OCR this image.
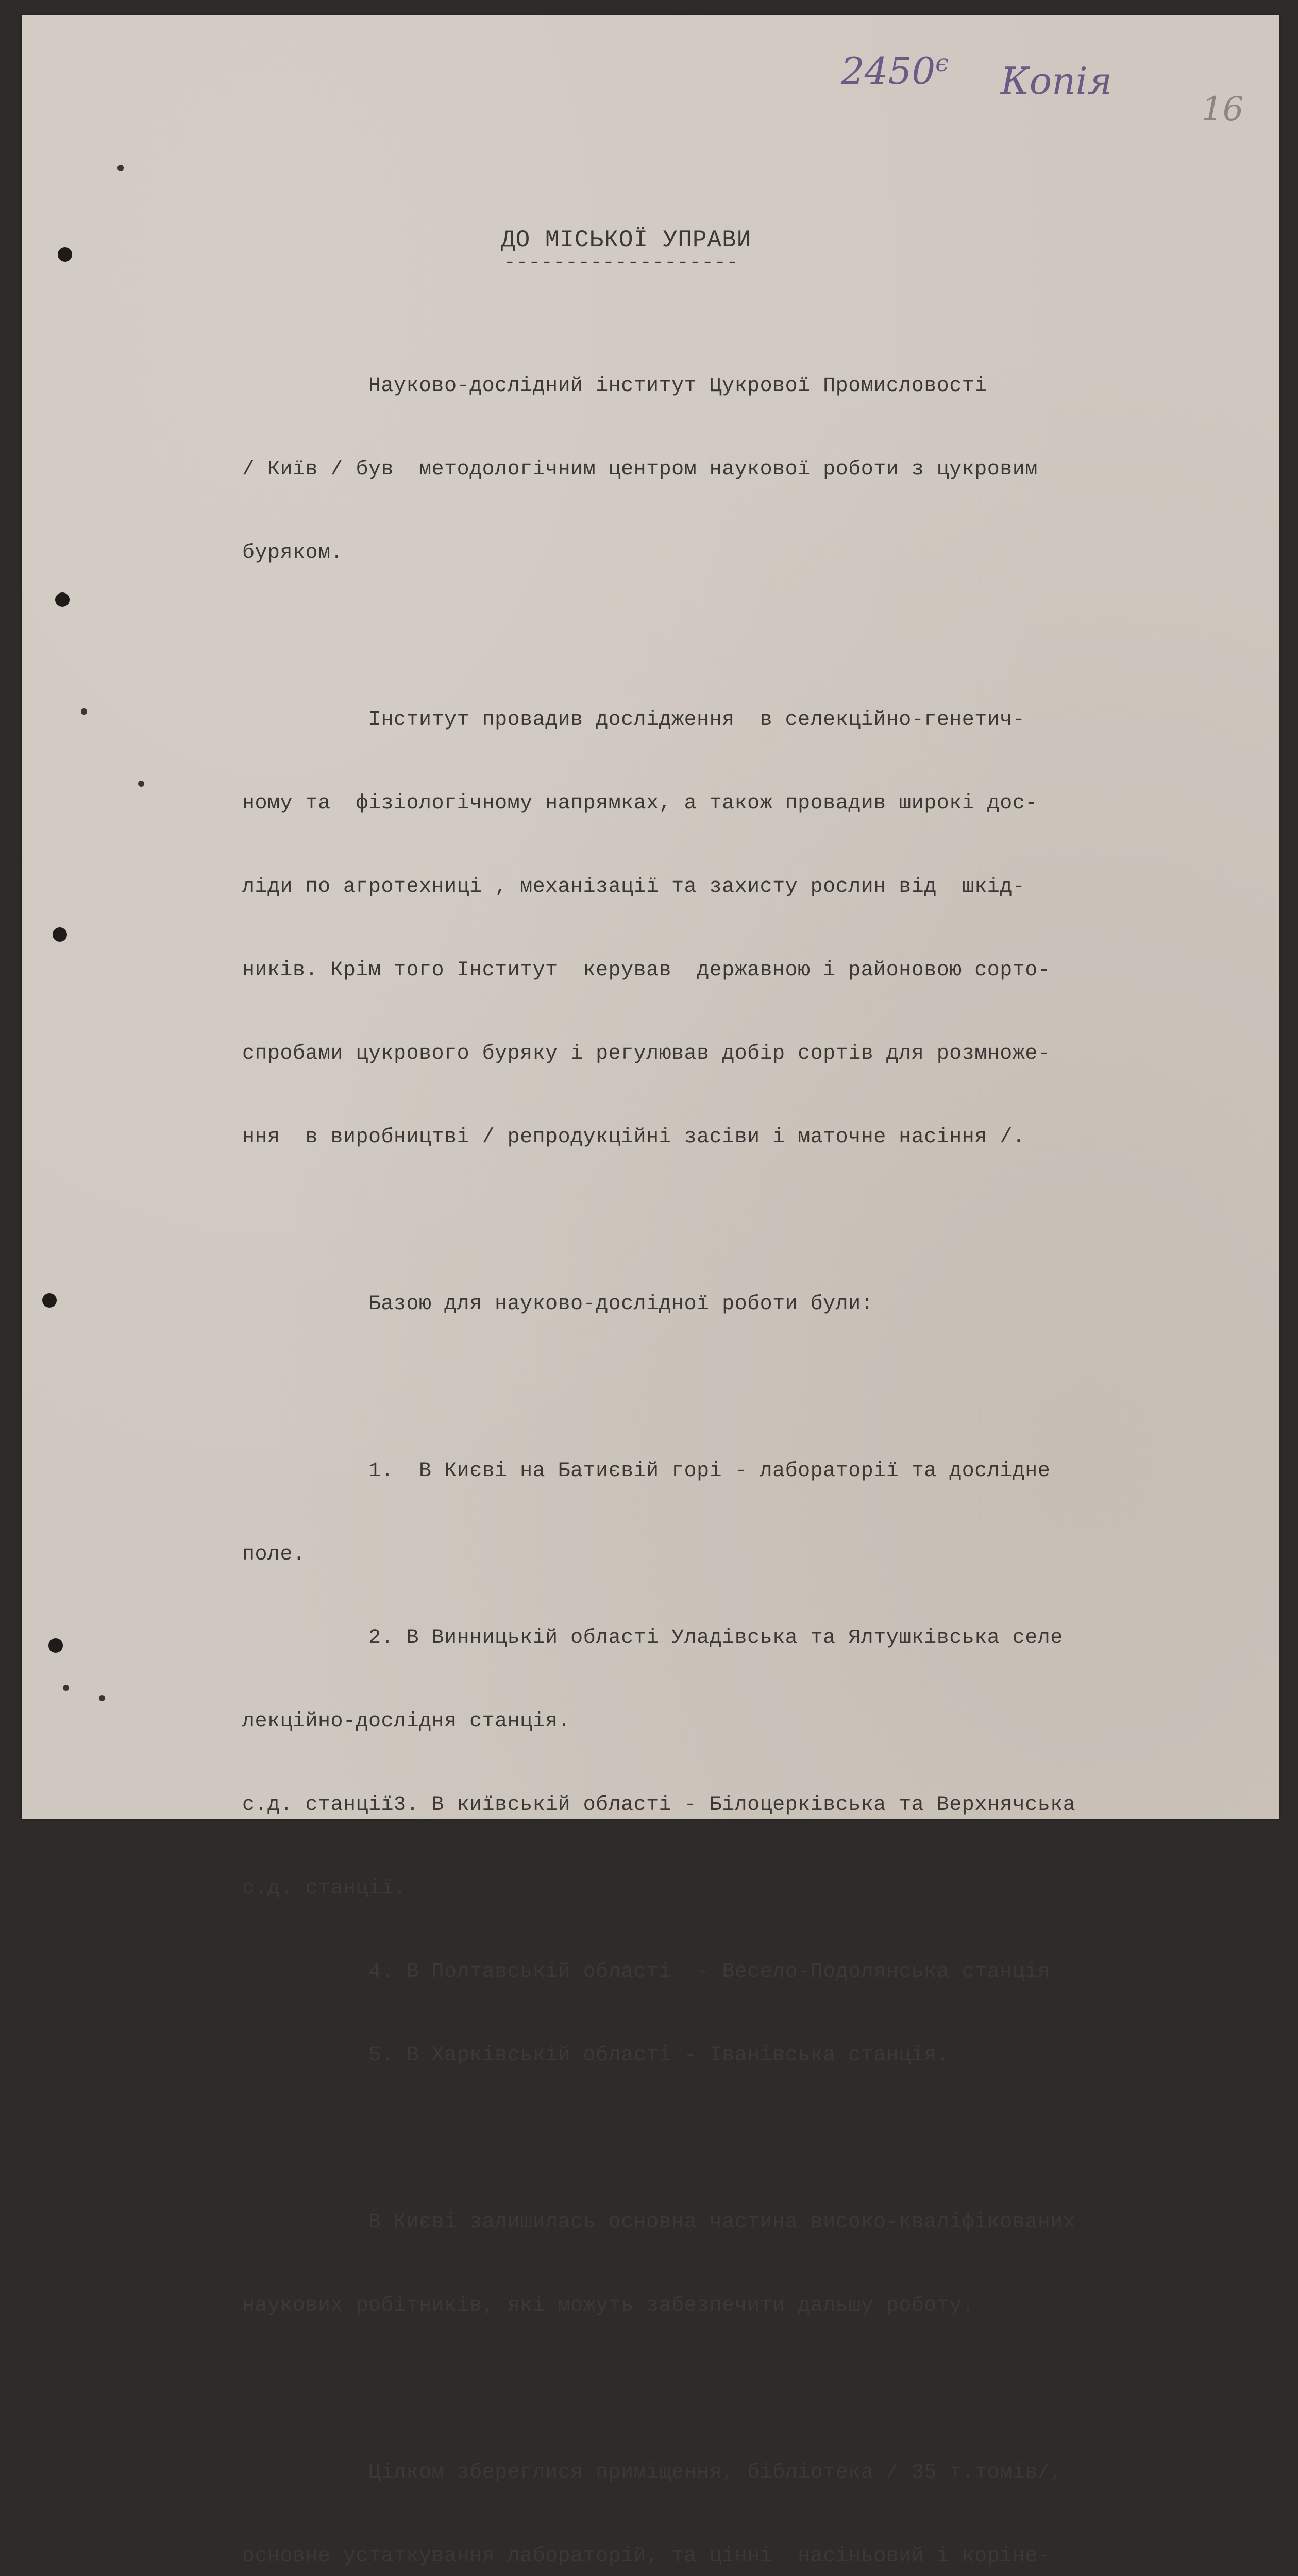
$2450^є$ Копія
16
ДО МІСЬКОЇ УПРАВИ
-------------------

Науково-дослідний інститут Цукрової Промисловості

/ Київ / був  методологічним центром наукової роботи з цукровим

буряком.

Інститут провадив дослідження  в селекційно-генетич-

ному та  фізіологічному напрямках, а також провадив широкі дос-

ліди по агротехниці , механізації та захисту рослин від  шкід-

ників. Крім того Інститут  керував  державною і районовою сорто-

спробами цукрового буряку і регулював добір сортів для розмноже-

ння  в виробництві / репродукційні засіви і маточне насіння /.

Базою для науково-дослідної роботи були:

1.  В Києві на Батиєвій горі - лабораторії та дослідне

поле.

2. В Винницькій області Уладівська та Ялтушківська селе

лекційно-дослідня станція.

с.д. станції3. В київській області - Білоцерківська та Верхнячська

с.д. станції.

4. В Полтавській області  - Весело-Подолянська станція

5. В Харківській області - Іванівська станція.

В Києві залишилась основна частина високо-кваліфікованих

наукових робітників, які можуть забезпечити дальшу роботу.

Цілком збереглися приміщення, бібліотека / 35 т.томів/,

основне устаткування лабораторій, та цінні  насіньовий і коріне-
